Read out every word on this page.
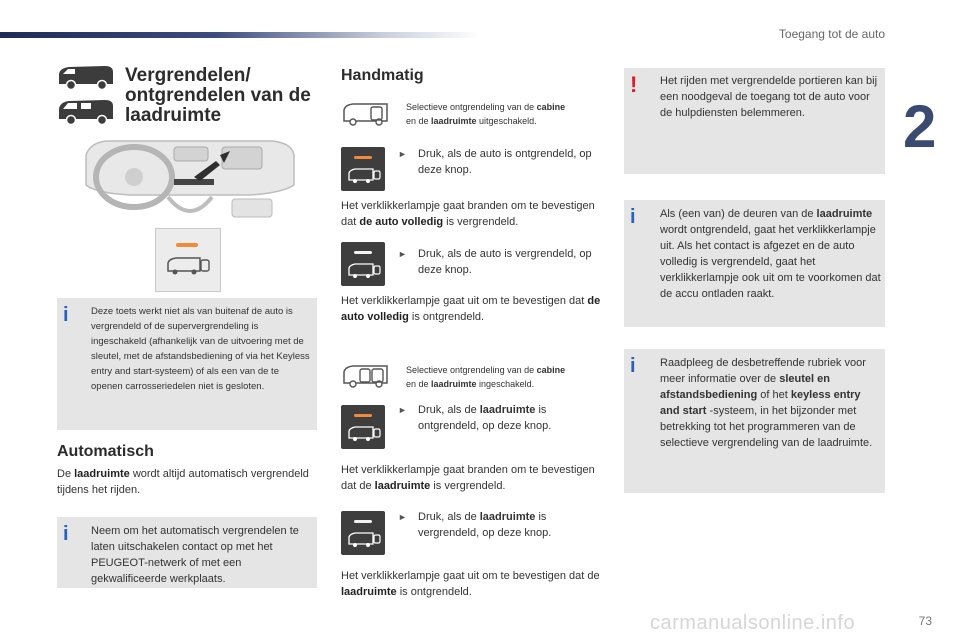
Toegang tot de auto
2
Vergrendelen/ ontgrendelen van de laadruimte
i Deze toets werkt niet als van buitenaf de auto is vergrendeld of de supervergrendeling is ingeschakeld (afhankelijk van de uitvoering met de sleutel, met de afstandsbediening of via het Keyless entry and start-systeem) of als een van de te openen carrosseriedelen niet is gesloten.
Automatisch
De laadruimte wordt altijd automatisch vergrendeld tijdens het rijden.
i Neem om het automatisch vergrendelen te laten uitschakelen contact op met het PEUGEOT-netwerk of met een gekwalificeerde werkplaats.
Handmatig
Selectieve ontgrendeling van de cabine
en de laadruimte uitgeschakeld.
► Druk, als de auto is ontgrendeld, op deze knop.
Het verklikkerlampje gaat branden om te bevestigen dat de auto volledig is vergrendeld.
► Druk, als de auto is vergrendeld, op deze knop.
Het verklikkerlampje gaat uit om te bevestigen dat de auto volledig is ontgrendeld.
Selectieve ontgrendeling van de cabine
en de laadruimte ingeschakeld.
► Druk, als de laadruimte is ontgrendeld, op deze knop.
Het verklikkerlampje gaat branden om te bevestigen dat de laadruimte is vergrendeld.
► Druk, als de laadruimte is vergrendeld, op deze knop.
Het verklikkerlampje gaat uit om te bevestigen dat de laadruimte is ontgrendeld.
! Het rijden met vergrendelde portieren kan bij een noodgeval de toegang tot de auto voor de hulpdiensten belemmeren.
i Als (een van) de deuren van de laadruimte wordt ontgrendeld, gaat het verklikkerlampje uit. Als het contact is afgezet en de auto volledig is vergrendeld, gaat het verklikkerlampje ook uit om te voorkomen dat de accu ontladen raakt.
i Raadpleeg de desbetreffende rubriek voor meer informatie over de sleutel en afstandsbediening of het keyless entry and start -systeem, in het bijzonder met betrekking tot het programmeren van de selectieve vergrendeling van de laadruimte.
carmanualsonline.info	73
